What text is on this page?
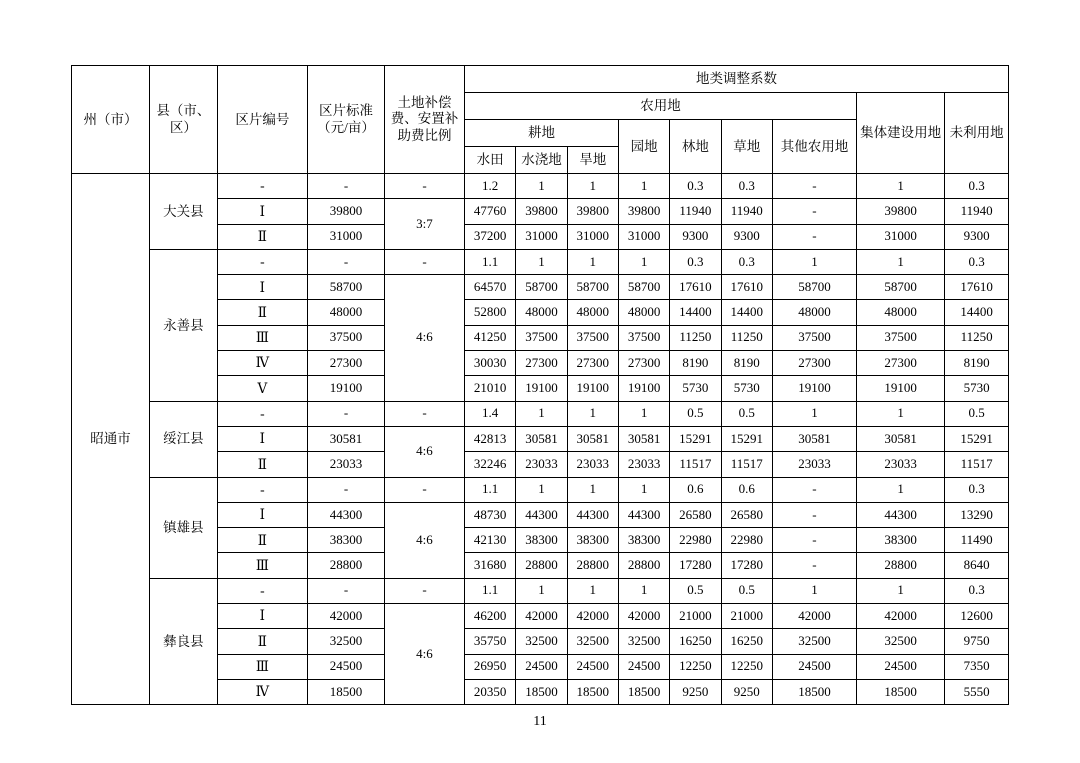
州（市）	县（市、区）	区片编号	区片标准（元/亩）	土地补偿费、安置补助费比例	地类调整系数								
					农用地							集体建设用地	未利用地
					耕地			园地	林地	草地	其他农用地		
					水田	水浇地	旱地						
昭通市	大关县	-	-	-	1.2	1	1	1	0.3	0.3	-	1	0.3
		Ⅰ	39800	3:7	47760	39800	39800	39800	11940	11940	-	39800	11940
		Ⅱ	31000		37200	31000	31000	31000	9300	9300	-	31000	9300
	永善县	-	-	-	1.1	1	1	1	0.3	0.3	1	1	0.3
		Ⅰ	58700	4:6	64570	58700	58700	58700	17610	17610	58700	58700	17610
		Ⅱ	48000		52800	48000	48000	48000	14400	14400	48000	48000	14400
		Ⅲ	37500		41250	37500	37500	37500	11250	11250	37500	37500	11250
		Ⅳ	27300		30030	27300	27300	27300	8190	8190	27300	27300	8190
		Ⅴ	19100		21010	19100	19100	19100	5730	5730	19100	19100	5730
	绥江县	-	-	-	1.4	1	1	1	0.5	0.5	1	1	0.5
		Ⅰ	30581	4:6	42813	30581	30581	30581	15291	15291	30581	30581	15291
		Ⅱ	23033		32246	23033	23033	23033	11517	11517	23033	23033	11517
	镇雄县	-	-	-	1.1	1	1	1	0.6	0.6	-	1	0.3
		Ⅰ	44300	4:6	48730	44300	44300	44300	26580	26580	-	44300	13290
		Ⅱ	38300		42130	38300	38300	38300	22980	22980	-	38300	11490
		Ⅲ	28800		31680	28800	28800	28800	17280	17280	-	28800	8640
	彝良县	-	-	-	1.1	1	1	1	0.5	0.5	1	1	0.3
		Ⅰ	42000	4:6	46200	42000	42000	42000	21000	21000	42000	42000	12600
		Ⅱ	32500		35750	32500	32500	32500	16250	16250	32500	32500	9750
		Ⅲ	24500		26950	24500	24500	24500	12250	12250	24500	24500	7350
		Ⅳ	18500		20350	18500	18500	18500	9250	9250	18500	18500	5550
11
